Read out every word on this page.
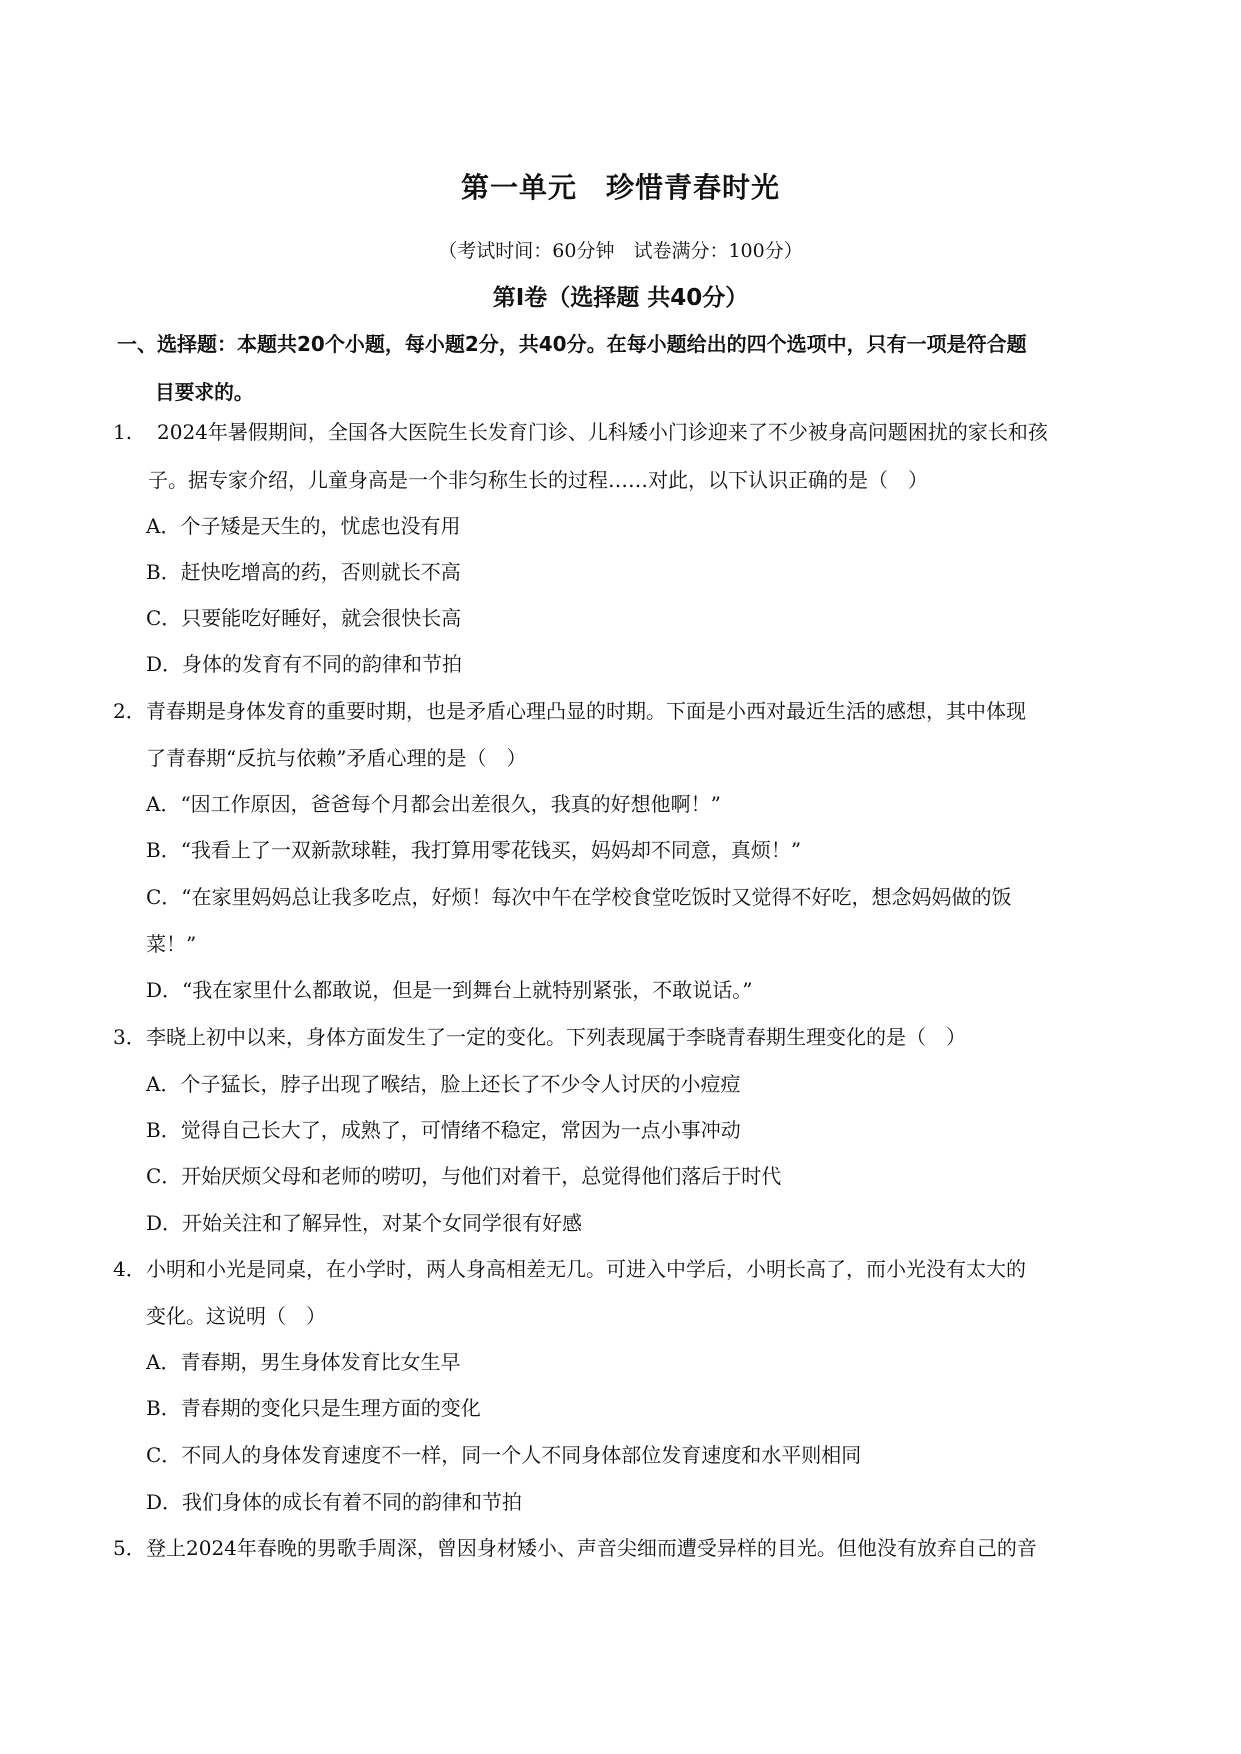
第一单元　珍惜青春时光
（考试时间：60分钟　试卷满分：100分）
第Ⅰ卷（选择题 共40分）
一、选择题：本题共20个小题，每小题2分，共40分。在每小题给出的四个选项中，只有一项是符合题
目要求的。
1. 2024年暑假期间，全国各大医院生长发育门诊、儿科矮小门诊迎来了不少被身高问题困扰的家长和孩
子。据专家介绍，儿童身高是一个非匀称生长的过程……对此，以下认识正确的是（　）
A．个子矮是天生的，忧虑也没有用
B．赶快吃增高的药，否则就长不高
C．只要能吃好睡好，就会很快长高
D．身体的发育有不同的韵律和节拍
2． 青春期是身体发育的重要时期，也是矛盾心理凸显的时期。下面是小西对最近生活的感想，其中体现
了青春期“反抗与依赖”矛盾心理的是（　）
A．“因工作原因，爸爸每个月都会出差很久，我真的好想他啊！”
B．“我看上了一双新款球鞋，我打算用零花钱买，妈妈却不同意，真烦！”
C．“在家里妈妈总让我多吃点，好烦！每次中午在学校食堂吃饭时又觉得不好吃，想念妈妈做的饭
菜！”
D．“我在家里什么都敢说，但是一到舞台上就特别紧张，不敢说话。”
3． 李晓上初中以来，身体方面发生了一定的变化。下列表现属于李晓青春期生理变化的是（　）
A．个子猛长，脖子出现了喉结，脸上还长了不少令人讨厌的小痘痘
B．觉得自己长大了，成熟了，可情绪不稳定，常因为一点小事冲动
C．开始厌烦父母和老师的唠叨，与他们对着干，总觉得他们落后于时代
D．开始关注和了解异性，对某个女同学很有好感
4． 小明和小光是同桌，在小学时，两人身高相差无几。可进入中学后，小明长高了，而小光没有太大的
变化。这说明（　）
A．青春期，男生身体发育比女生早
B．青春期的变化只是生理方面的变化
C．不同人的身体发育速度不一样，同一个人不同身体部位发育速度和水平则相同
D．我们身体的成长有着不同的韵律和节拍
5． 登上2024年春晚的男歌手周深，曾因身材矮小、声音尖细而遭受异样的目光。但他没有放弃自己的音
